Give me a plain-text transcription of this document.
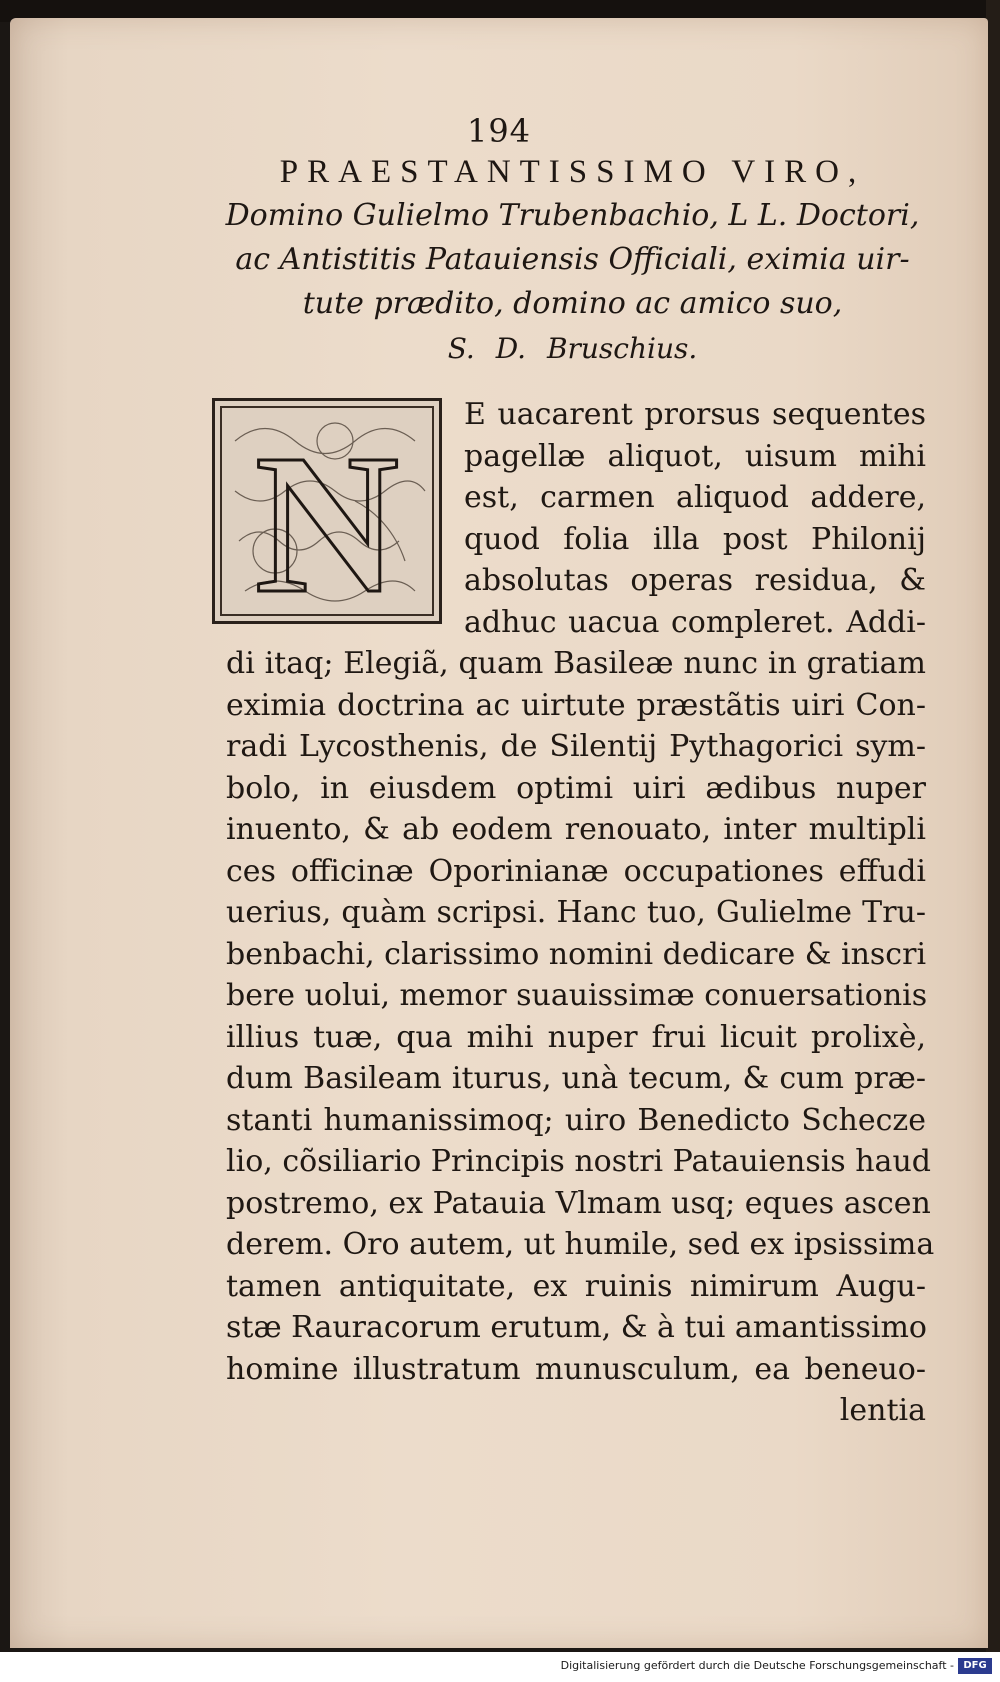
194

PRAESTANTISSIMO VIRO,

Domino Gulielmo Trubenbachio, L L. Doctori,

ac Antistitis Patauiensis Officiali, eximia uir-

tute prædito, domino ac amico suo,

S. D. Bruschius.

N	E uacarent prorsus sequentes
pagellæ aliquot, uisum mihi
est, carmen aliquod addere,
quod folia illa post Philonij
absolutas operas residua, &
adhuc uacua compleret. Addi-
di itaq; Elegiã, quam Basileæ nunc in gratiam
eximia doctrina ac uirtute præstãtis uiri Con-
radi Lycosthenis, de Silentij Pythagorici sym-
bolo, in eiusdem optimi uiri ædibus nuper
inuento, & ab eodem renouato, inter multipli
ces officinæ Oporinianæ occupationes effudi
uerius, quàm scripsi. Hanc tuo, Gulielme Tru-
benbachi, clarissimo nomini dedicare & inscri
bere uolui, memor suauissimæ conuersationis
illius tuæ, qua mihi nuper frui licuit prolixè,
dum Basileam iturus, unà tecum, & cum præ-
stanti humanissimoq; uiro Benedicto Schecze
lio, cõsiliario Principis nostri Patauiensis haud
postremo, ex Patauia Vlmam usq; eques ascen
derem. Oro autem, ut humile, sed ex ipsissima
tamen antiquitate, ex ruinis nimirum Augu-
stæ Rauracorum erutum, & à tui amantissimo
homine illustratum munusculum, ea beneuo-
lentia
Digitalisierung gefördert durch die Deutsche Forschungsgemeinschaft - DFG
